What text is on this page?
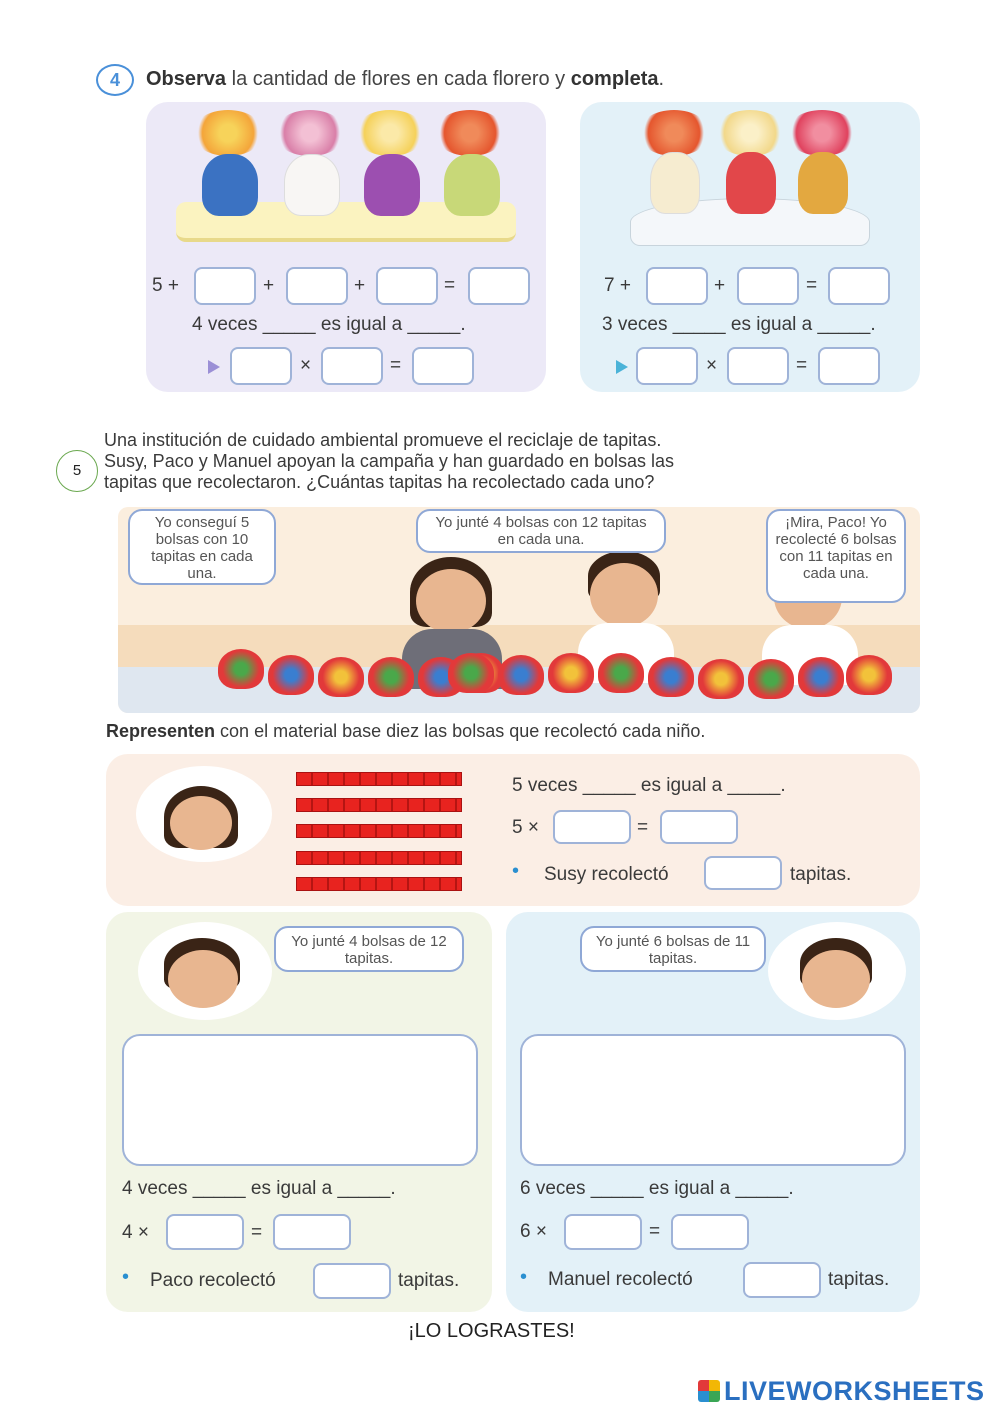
4	Observa la cantidad de flores en cada florero y completa.
5 +	+	+	=
4 veces _____ es igual a _____.
×	=
7 +	+	=
3 veces _____ es igual a _____.
×	=
5
Una institución de cuidado ambiental promueve el reciclaje de tapitas.
Susy, Paco y Manuel apoyan la campaña y han guardado en bolsas las
tapitas que recolectaron. ¿Cuántas tapitas ha recolectado cada uno?
Yo conseguí 5 bolsas con 10 tapitas en cada una.
Yo junté 4 bolsas con 12 tapitas en cada una.
¡Mira, Paco! Yo recolecté 6 bolsas con 11 tapitas en cada una.
Representen con el material base diez las bolsas que recolectó cada niño.
5 veces _____ es igual a _____.
5 ×	=
• Susy recolectó	tapitas.
Yo junté 4 bolsas de 12 tapitas.
4 veces _____ es igual a _____.
4 ×	=
• Paco recolectó	tapitas.
Yo junté 6 bolsas de 11 tapitas.
6 veces _____ es igual a _____.
6 ×	=
• Manuel recolectó	tapitas.
¡LO LOGRASTES!
LIVEWORKSHEETS
